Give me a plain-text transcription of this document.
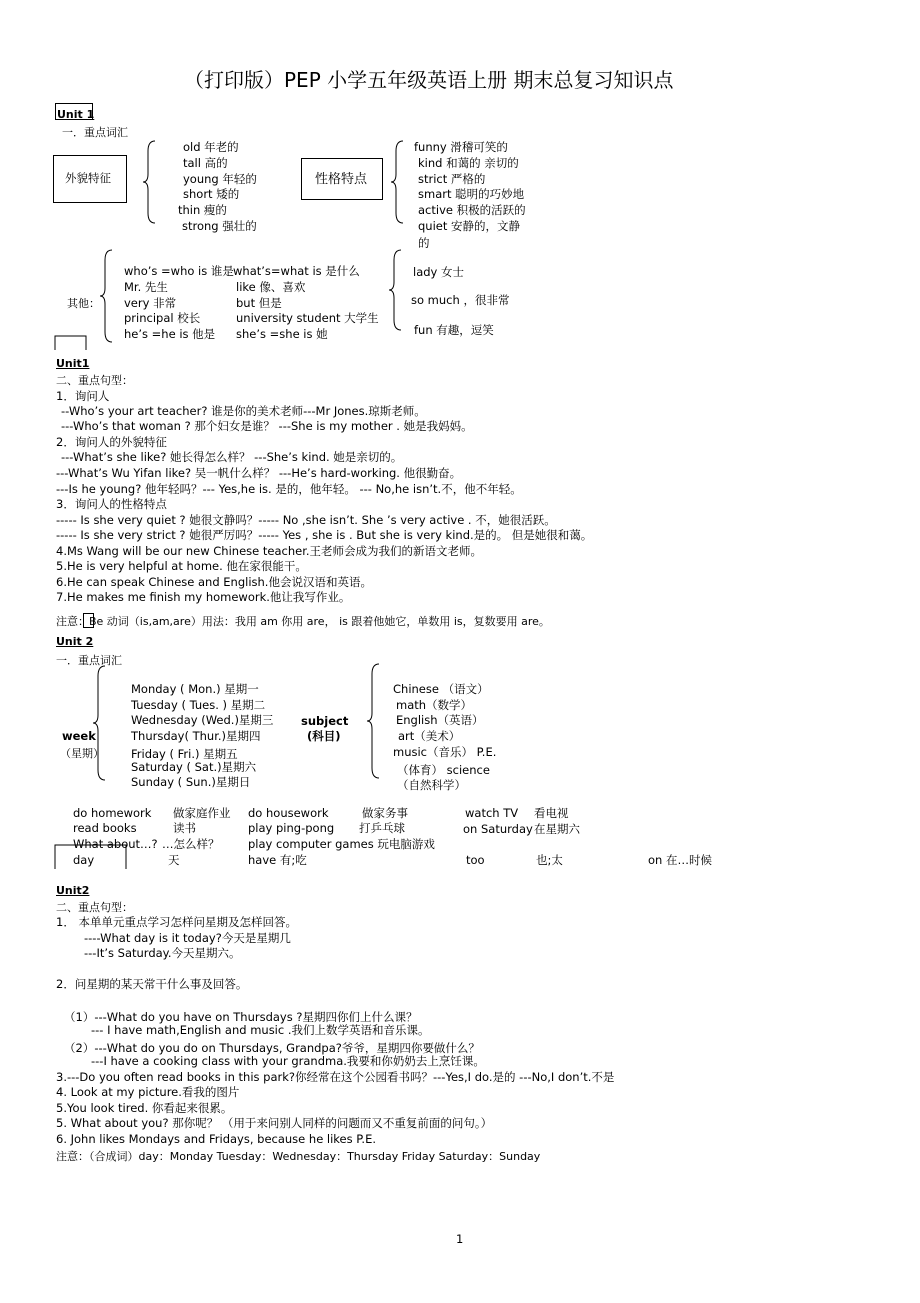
（打印版）PEP 小学五年级英语上册 期末总复习知识点
Unit 1
一．重点词汇
外貌特征
old 年老的
tall 高的
young 年轻的
short 矮的
thin 瘦的
strong 强壮的
性格特点
funny 滑稽可笑的
kind 和蔼的 亲切的
strict 严格的
smart 聪明的巧妙地
active 积极的活跃的
quiet 安静的，文静
的
其他：
who’s =who is 谁是
Mr. 先生
very 非常
principal 校长
he’s =he is 他是
what’s=what is 是什么
like 像、喜欢
but 但是
university student 大学生
she’s =she is 她
lady 女士
so much ，很非常
fun 有趣，逗笑
Unit1
二、重点句型：
1．询问人
--Who’s your art teacher? 谁是你的美术老师---Mr Jones.琼斯老师。
---Who’s that woman ? 那个妇女是谁？ ---She is my mother . 她是我妈妈。
2．询问人的外貌特征
---What’s she like? 她长得怎么样？ ---She’s kind. 她是亲切的。
---What’s Wu Yifan like? 吴一帆什么样？ ---He’s hard-working. 他很勤奋。
---Is he young? 他年轻吗？--- Yes,he is. 是的，他年轻。 --- No,he isn’t.不，他不年轻。
3．询问人的性格特点
----- Is she very quiet ? 她很文静吗？----- No ,she isn’t. She ’s very active . 不，她很活跃。
----- Is she very strict ? 她很严厉吗？----- Yes , she is . But she is very kind.是的。 但是她很和蔼。
4.Ms Wang will be our new Chinese teacher.王老师会成为我们的新语文老师。
5.He is very helpful at home. 他在家很能干。
6.He can speak Chinese and English.他会说汉语和英语。
7.He makes me finish my homework.他让我写作业。
注意：Be 动词（is,am,are）用法：我用 am 你用 are， is 跟着他她它，单数用 is，复数要用 are。
Unit 2
一．重点词汇
week
（星期）
Monday ( Mon.) 星期一
Tuesday ( Tues. ) 星期二
Wednesday (Wed.)星期三
Thursday( Thur.)星期四
Friday ( Fri.) 星期五
Saturday ( Sat.)星期六
Sunday ( Sun.)星期日
subject
(科目)
Chinese （语文）
math（数学）
English（英语）
art（美术）
music（音乐） P.E.
（体育） science
（自然科学）
do homework 做家庭作业 do housework	做家务事	watch TV 看电视
read books	读书	play ping-pong 打乒乓球	on Saturday 在星期六
What about…? …怎么样？ play computer games 玩电脑游戏
day	天	have 有;吃	too	也;太	on 在…时候
Unit2
二、重点句型：
1． 本单单元重点学习怎样问星期及怎样回答。
----What day is it today?今天是星期几
---It’s Saturday.今天星期六。
2．问星期的某天常干什么事及回答。
（1）---What do you have on Thursdays ?星期四你们上什么课？
--- I have math,English and music .我们上数学英语和音乐课。
（2）---What do you do on Thursdays, Grandpa?爷爷，星期四你要做什么？
---I have a cooking class with your grandma.我要和你奶奶去上烹饪课。
3.---Do you often read books in this park?你经常在这个公园看书吗？---Yes,I do.是的 ---No,I don’t.不是
4. Look at my picture.看我的图片
5.You look tired. 你看起来很累。
5. What about you? 那你呢？ （用于来问别人同样的问题而又不重复前面的问句。）
6. John likes Mondays and Fridays, because he likes P.E.
注意：（合成词）day：Monday Tuesday：Wednesday：Thursday Friday Saturday：Sunday
1
